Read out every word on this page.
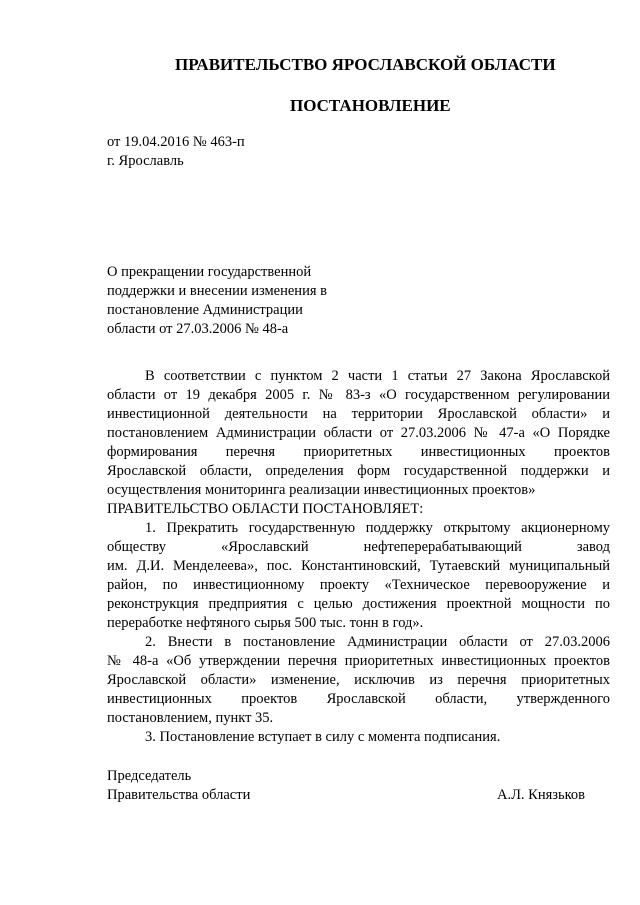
ПРАВИТЕЛЬСТВО ЯРОСЛАВСКОЙ ОБЛАСТИ
ПОСТАНОВЛЕНИЕ
от 19.04.2016 № 463-п
г. Ярославль
О прекращении государственной
поддержки и внесении изменения в
постановление Администрации
области от 27.03.2006 № 48-а
В соответствии с пунктом 2 части 1 статьи 27 Закона Ярославской
области от 19 декабря 2005 г. № 83-з «О государственном регулировании
инвестиционной деятельности на территории Ярославской области» и
постановлением Администрации области от 27.03.2006 № 47-а «О Порядке
формирования перечня приоритетных инвестиционных проектов
Ярославской области, определения форм государственной поддержки и
осуществления мониторинга реализации инвестиционных проектов»
ПРАВИТЕЛЬСТВО ОБЛАСТИ ПОСТАНОВЛЯЕТ:
1. Прекратить государственную поддержку открытому акционерному
обществу «Ярославский нефтеперерабатывающий завод
им. Д.И. Менделеева», пос. Константиновский, Тутаевский муниципальный
район, по инвестиционному проекту «Техническое перевооружение и
реконструкция предприятия с целью достижения проектной мощности по
переработке нефтяного сырья 500 тыс. тонн в год».
2. Внести в постановление Администрации области от 27.03.2006
№ 48-а «Об утверждении перечня приоритетных инвестиционных проектов
Ярославской области» изменение, исключив из перечня приоритетных
инвестиционных проектов Ярославской области, утвержденного
постановлением, пункт 35.
3. Постановление вступает в силу с момента подписания.
Председатель
Правительства области	А.Л. Князьков
